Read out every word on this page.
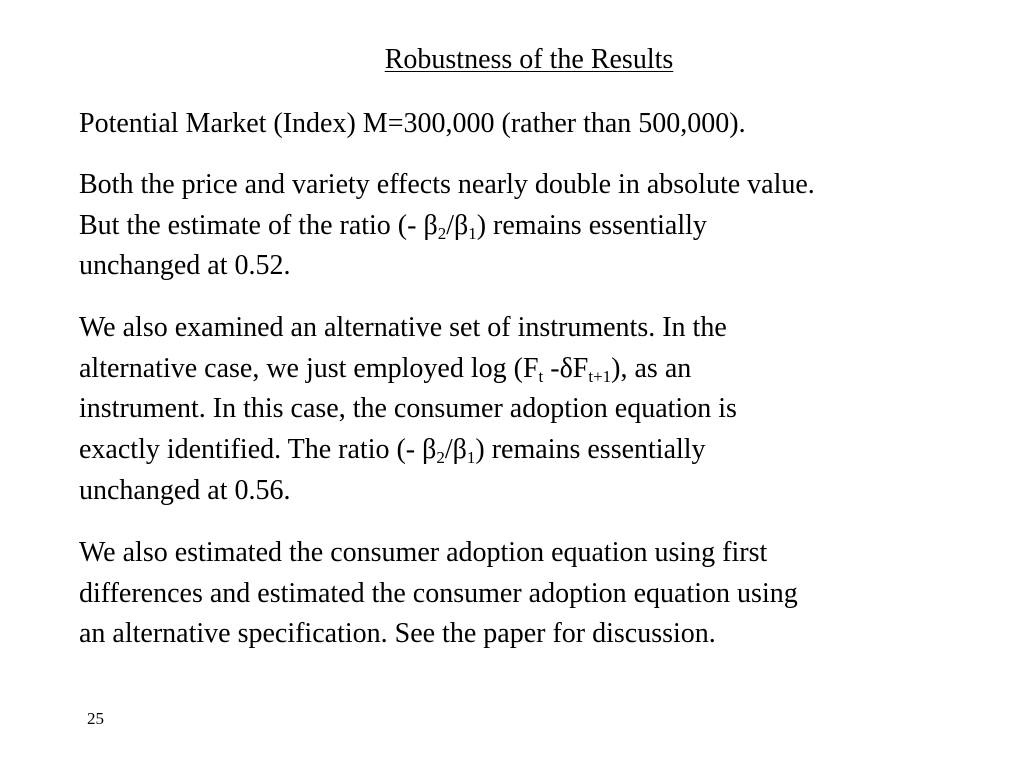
Robustness of the Results
Potential Market (Index) M=300,000 (rather than 500,000).
Both the price and variety effects nearly double in absolute value.
But the estimate of the ratio (- $\beta_2/\beta_1$) remains essentially
unchanged at 0.52.
We also examined an alternative set of instruments. In the
alternative case, we just employed $\log (F_t$ $-\delta F_{t+1}$), as an
instrument. In this case, the consumer adoption equation is
exactly identified. The ratio (- $\beta_2/\beta_1$) remains essentially
unchanged at 0.56.
We also estimated the consumer adoption equation using first
differences and estimated the consumer adoption equation using
an alternative specification. See the paper for discussion.
25
